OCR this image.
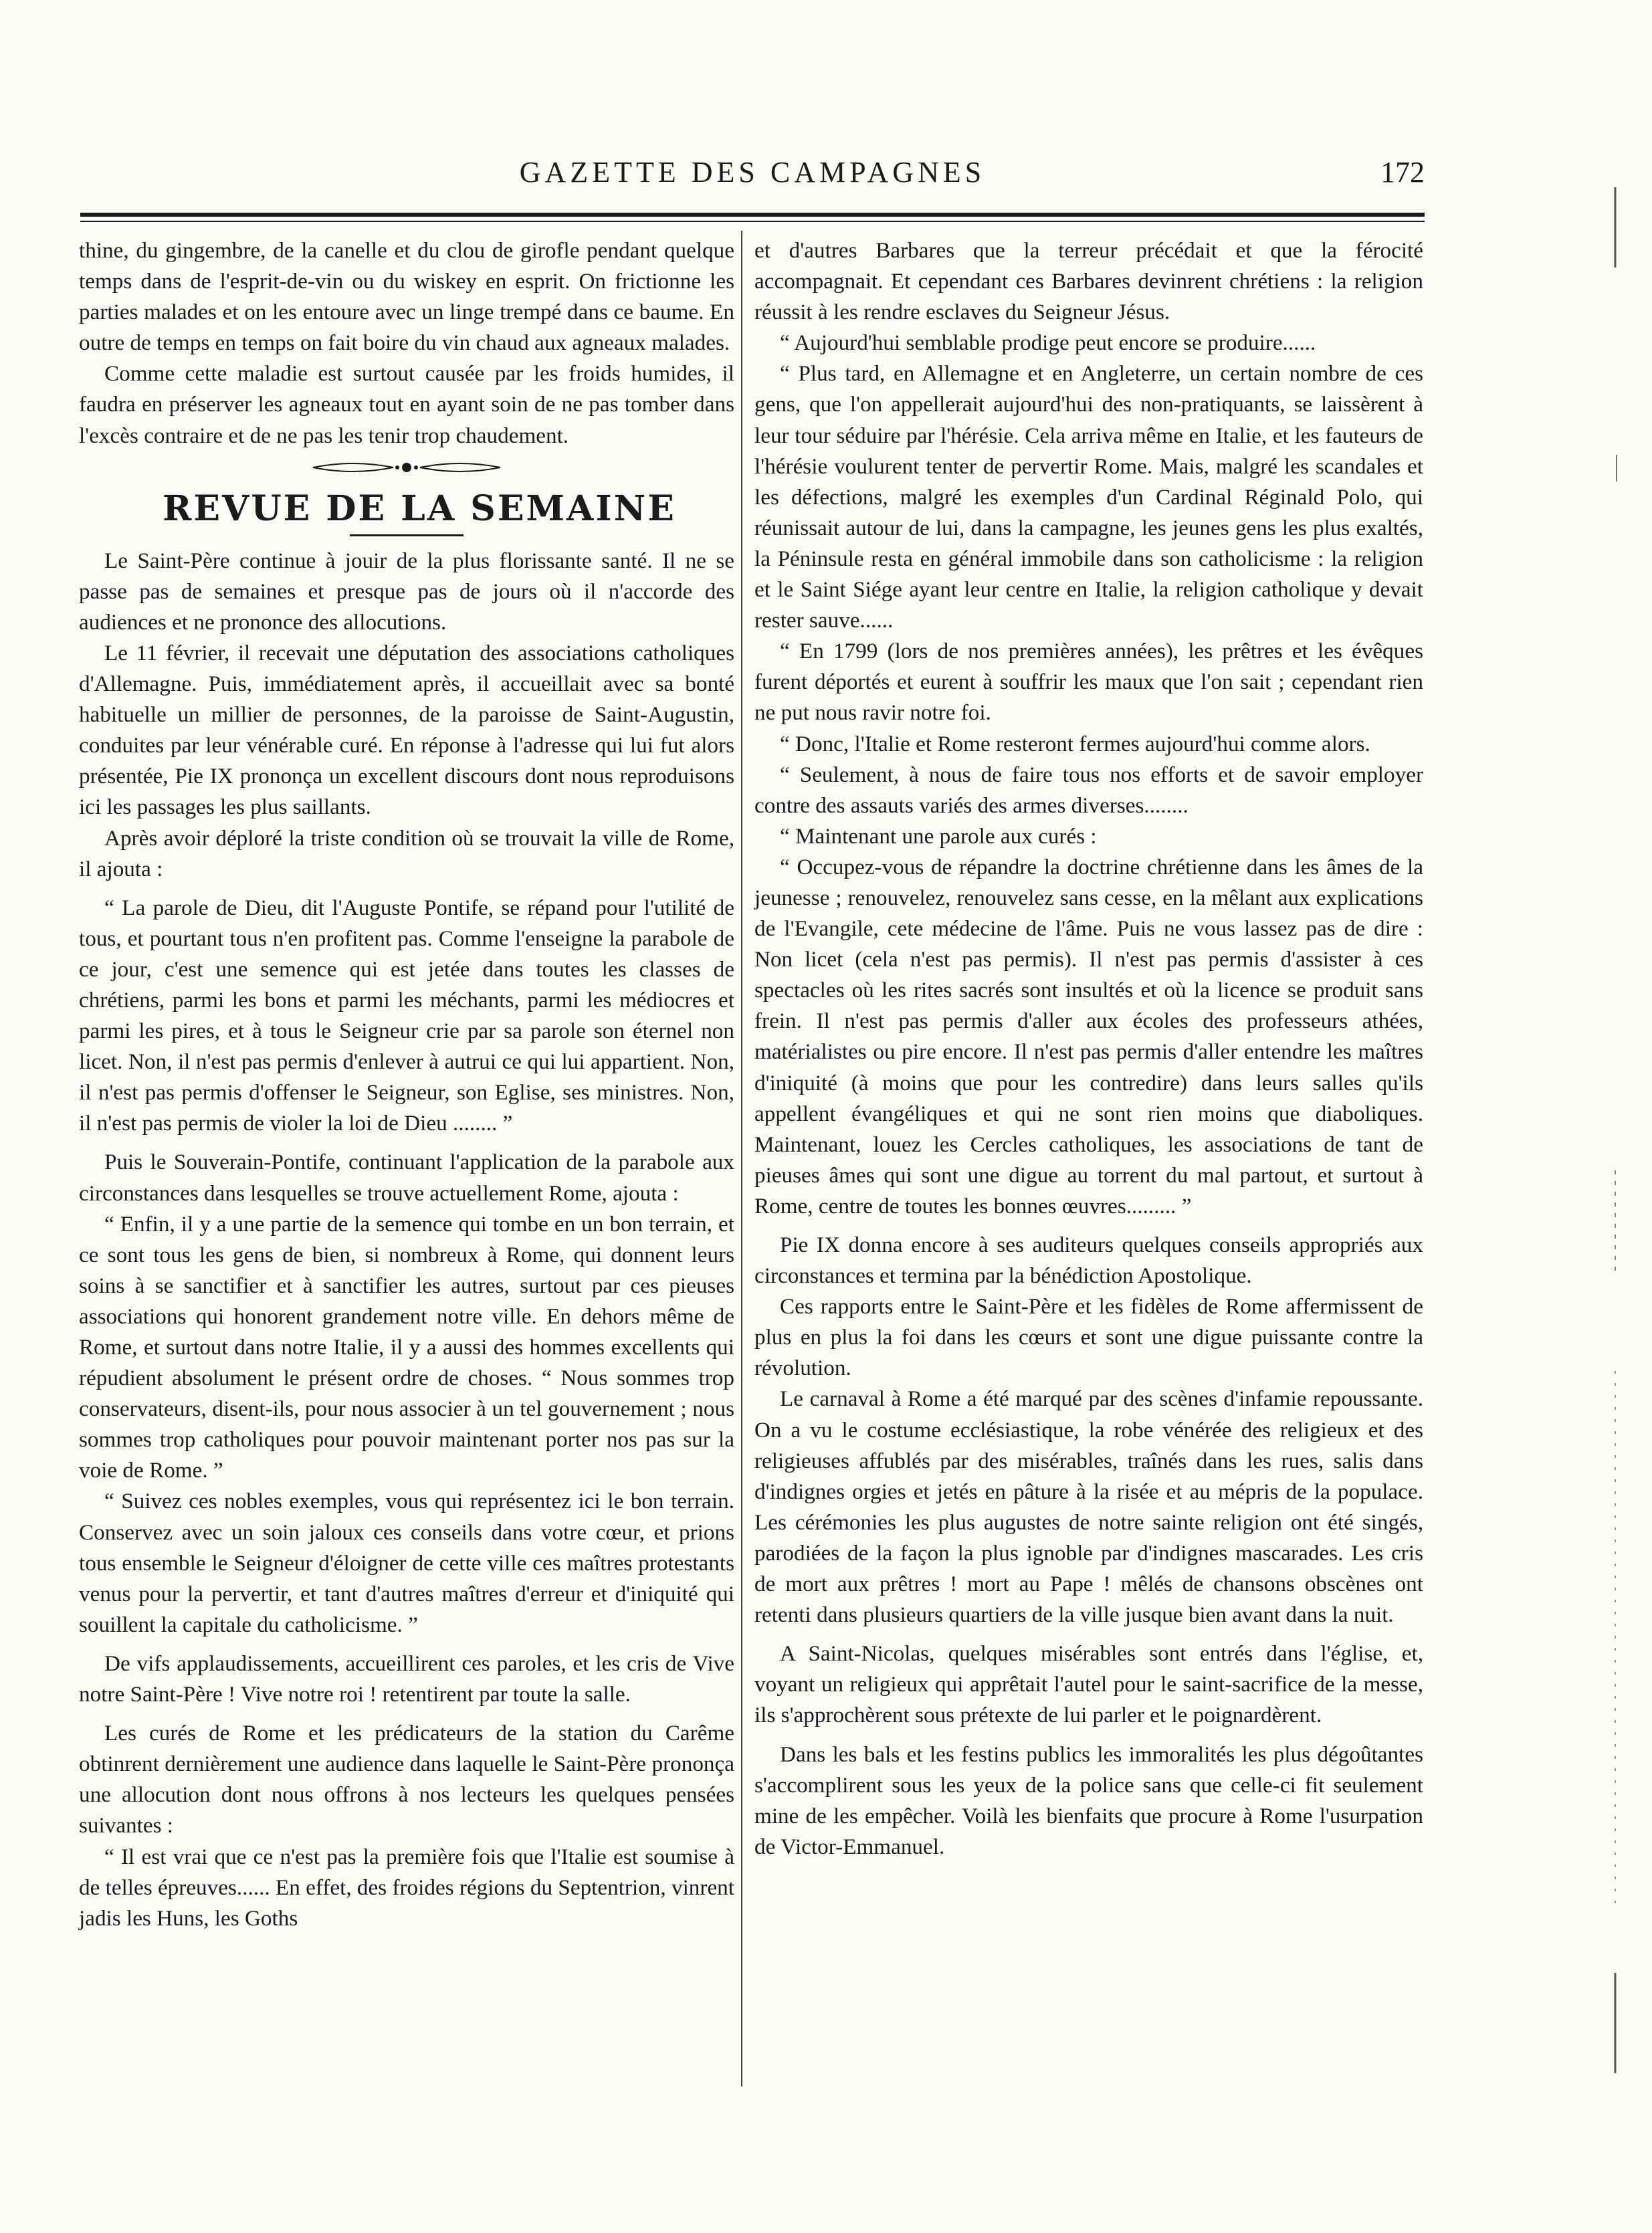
GAZETTE DES CAMPAGNES	172

thine, du gingembre, de la canelle et du clou de girofle pendant quelque temps dans de l'esprit-de-vin ou du wiskey en esprit. On frictionne les parties malades et on les entoure avec un linge trempé dans ce baume. En outre de temps en temps on fait boire du vin chaud aux agneaux malades.

Comme cette maladie est surtout causée par les froids humides, il faudra en préserver les agneaux tout en ayant soin de ne pas tomber dans l'excès contraire et de ne pas les tenir trop chaudement.

REVUE DE LA SEMAINE

Le Saint-Père continue à jouir de la plus florissante santé. Il ne se passe pas de semaines et presque pas de jours où il n'accorde des audiences et ne prononce des allocutions.

Le 11 février, il recevait une députation des associations catholiques d'Allemagne. Puis, immédiatement après, il accueillait avec sa bonté habituelle un millier de personnes, de la paroisse de Saint-Augustin, conduites par leur vénérable curé. En réponse à l'adresse qui lui fut alors présentée, Pie IX prononça un excellent discours dont nous reproduisons ici les passages les plus saillants.

Après avoir déploré la triste condition où se trouvait la ville de Rome, il ajouta :

“ La parole de Dieu, dit l'Auguste Pontife, se répand pour l'utilité de tous, et pourtant tous n'en profitent pas. Comme l'enseigne la parabole de ce jour, c'est une semence qui est jetée dans toutes les classes de chrétiens, parmi les bons et parmi les méchants, parmi les médiocres et parmi les pires, et à tous le Seigneur crie par sa parole son éternel non licet. Non, il n'est pas permis d'enlever à autrui ce qui lui appartient. Non, il n'est pas permis d'offenser le Seigneur, son Eglise, ses ministres. Non, il n'est pas permis de violer la loi de Dieu ........ ”

Puis le Souverain-Pontife, continuant l'application de la parabole aux circonstances dans lesquelles se trouve actuellement Rome, ajouta :

“ Enfin, il y a une partie de la semence qui tombe en un bon terrain, et ce sont tous les gens de bien, si nombreux à Rome, qui donnent leurs soins à se sanctifier et à sanctifier les autres, surtout par ces pieuses associations qui honorent grandement notre ville. En dehors même de Rome, et surtout dans notre Italie, il y a aussi des hommes excellents qui répudient absolument le présent ordre de choses. “ Nous sommes trop conservateurs, disent-ils, pour nous associer à un tel gouvernement ; nous sommes trop catholiques pour pouvoir maintenant porter nos pas sur la voie de Rome. ”

“ Suivez ces nobles exemples, vous qui représentez ici le bon terrain. Conservez avec un soin jaloux ces conseils dans votre cœur, et prions tous ensemble le Seigneur d'éloigner de cette ville ces maîtres protestants venus pour la pervertir, et tant d'autres maîtres d'erreur et d'iniquité qui souillent la capitale du catholicisme. ”

De vifs applaudissements, accueillirent ces paroles, et les cris de Vive notre Saint-Père ! Vive notre roi ! retentirent par toute la salle.

Les curés de Rome et les prédicateurs de la station du Carême obtinrent dernièrement une audience dans laquelle le Saint-Père prononça une allocution dont nous offrons à nos lecteurs les quelques pensées suivantes :

“ Il est vrai que ce n'est pas la première fois que l'Italie est soumise à de telles épreuves...... En effet, des froides régions du Septentrion, vinrent jadis les Huns, les Goths

et d'autres Barbares que la terreur précédait et que la férocité accompagnait. Et cependant ces Barbares devinrent chrétiens : la religion réussit à les rendre esclaves du Seigneur Jésus.

“ Aujourd'hui semblable prodige peut encore se produire......

“ Plus tard, en Allemagne et en Angleterre, un certain nombre de ces gens, que l'on appellerait aujourd'hui des non-pratiquants, se laissèrent à leur tour séduire par l'hérésie. Cela arriva même en Italie, et les fauteurs de l'hérésie voulurent tenter de pervertir Rome. Mais, malgré les scandales et les défections, malgré les exemples d'un Cardinal Réginald Polo, qui réunissait autour de lui, dans la campagne, les jeunes gens les plus exaltés, la Péninsule resta en général immobile dans son catholicisme : la religion et le Saint Siége ayant leur centre en Italie, la religion catholique y devait rester sauve......

“ En 1799 (lors de nos premières années), les prêtres et les évêques furent déportés et eurent à souffrir les maux que l'on sait ; cependant rien ne put nous ravir notre foi.

“ Donc, l'Italie et Rome resteront fermes aujourd'hui comme alors.

“ Seulement, à nous de faire tous nos efforts et de savoir employer contre des assauts variés des armes diverses........

“ Maintenant une parole aux curés :

“ Occupez-vous de répandre la doctrine chrétienne dans les âmes de la jeunesse ; renouvelez, renouvelez sans cesse, en la mêlant aux explications de l'Evangile, cete médecine de l'âme. Puis ne vous lassez pas de dire : Non licet (cela n'est pas permis). Il n'est pas permis d'assister à ces spectacles où les rites sacrés sont insultés et où la licence se produit sans frein. Il n'est pas permis d'aller aux écoles des professeurs athées, matérialistes ou pire encore. Il n'est pas permis d'aller entendre les maîtres d'iniquité (à moins que pour les contredire) dans leurs salles qu'ils appellent évangéliques et qui ne sont rien moins que diaboliques. Maintenant, louez les Cercles catholiques, les associations de tant de pieuses âmes qui sont une digue au torrent du mal partout, et surtout à Rome, centre de toutes les bonnes œuvres......... ”

Pie IX donna encore à ses auditeurs quelques conseils appropriés aux circonstances et termina par la bénédiction Apostolique.

Ces rapports entre le Saint-Père et les fidèles de Rome affermissent de plus en plus la foi dans les cœurs et sont une digue puissante contre la révolution.

Le carnaval à Rome a été marqué par des scènes d'infamie repoussante. On a vu le costume ecclésiastique, la robe vénérée des religieux et des religieuses affublés par des misérables, traînés dans les rues, salis dans d'indignes orgies et jetés en pâture à la risée et au mépris de la populace. Les cérémonies les plus augustes de notre sainte religion ont été singés, parodiées de la façon la plus ignoble par d'indignes mascarades. Les cris de mort aux prêtres ! mort au Pape ! mêlés de chansons obscènes ont retenti dans plusieurs quartiers de la ville jusque bien avant dans la nuit.

A Saint-Nicolas, quelques misérables sont entrés dans l'église, et, voyant un religieux qui apprêtait l'autel pour le saint-sacrifice de la messe, ils s'approchèrent sous prétexte de lui parler et le poignardèrent.

Dans les bals et les festins publics les immoralités les plus dégoûtantes s'accomplirent sous les yeux de la police sans que celle-ci fit seulement mine de les empêcher. Voilà les bienfaits que procure à Rome l'usurpation de Victor-Emmanuel.
